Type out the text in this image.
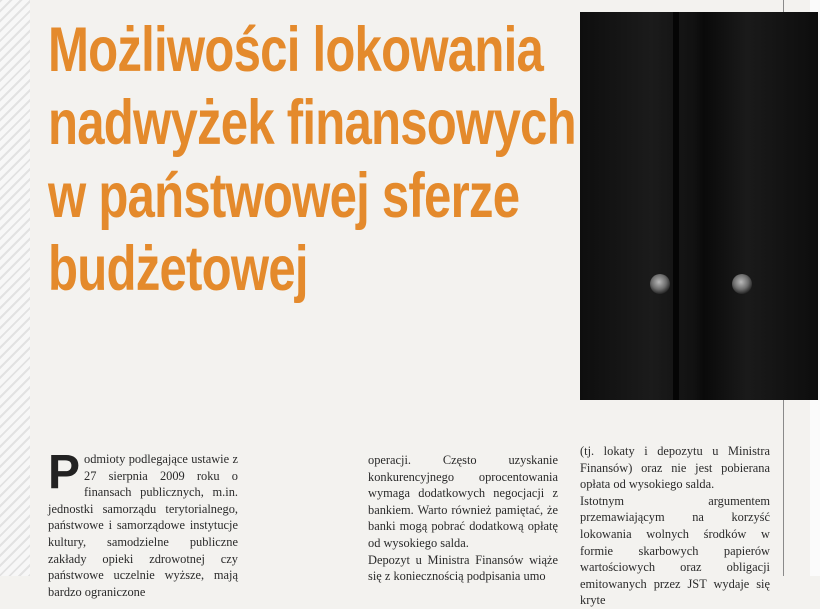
Możliwości lokowania
nadwyżek finansowych
w państwowej sferze
budżetowej

Podmioty podlegające ustawie z 27 sierpnia 2009 roku o finansach publicznych, m.in. jednostki samorządu terytorialnego, państwowe i samorządowe instytucje kultury, samodzielne publiczne zakłady opieki zdrowotnej czy państwowe uczelnie wyższe, mają bardzo ograniczone

operacji. Często uzyskanie konkurencyjnego oprocentowania wymaga dodatkowych negocjacji z bankiem. Warto również pamiętać, że banki mogą pobrać dodatkową opłatę od wysokiego salda.

Depozyt u Ministra Finansów wiąże się z koniecznością podpisania umo

(tj. lokaty i depozytu u Ministra Finansów) oraz nie jest pobierana opłata od wysokiego salda.

Istotnym argumentem przemawiającym na korzyść lokowania wolnych środków w formie skarbowych papierów wartościowych oraz obligacji emitowanych przez JST wydaje się kryte
